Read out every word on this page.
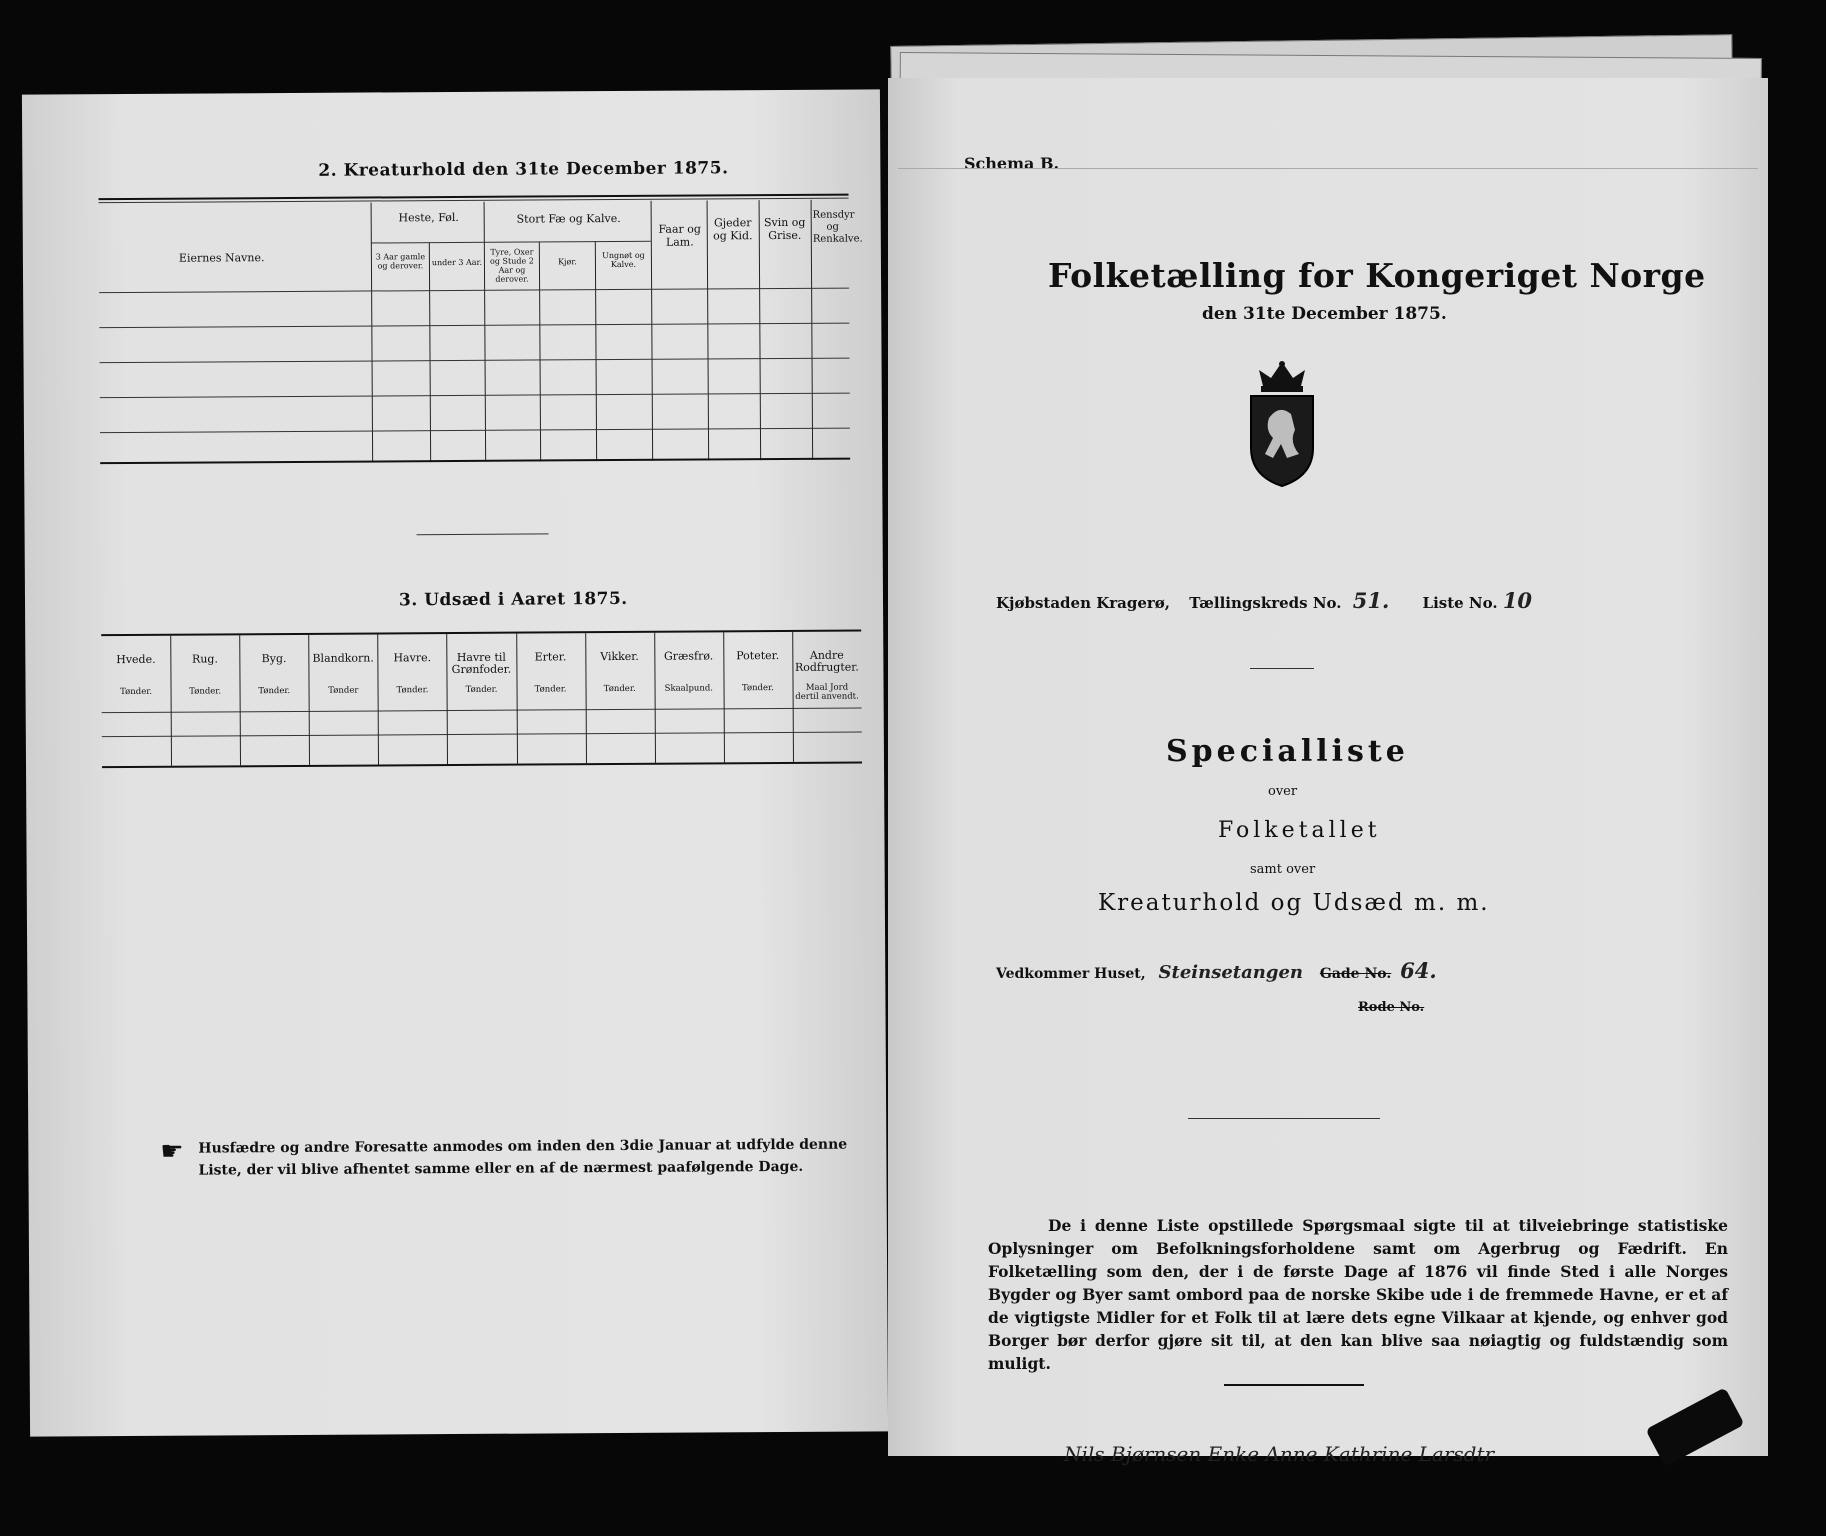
2. Kreaturhold den 31te December 1875.
Eiernes Navne.
Heste, Føl.
3 Aar gamle og derover.	under 3 Aar.
Stort Fæ og Kalve.
Tyre, Oxer og Stude 2 Aar og derover.
Kjør.
Ungnøt og Kalve.
Faar og Lam.
Gjeder og Kid.
Svin og Grise.
Rensdyr og Renkalve.
3. Udsæd i Aaret 1875.
Hvede.
Tønder.
Rug.
Tønder.
Byg.
Tønder.
Blandkorn.
Tønder
Havre.
Tønder.
Havre til Grønfoder.
Tønder.
Erter.
Tønder.
Vikker.
Tønder.
Græsfrø.
Skaalpund.
Poteter.
Tønder.
Andre Rodfrugter.
Maal Jord dertil anvendt.
☛ Husfædre og andre Foresatte anmodes om inden den 3die Januar at udfylde denne Liste, der vil blive afhentet samme eller en af de nærmest paafølgende Dage.
Schema B.
Folketælling for Kongeriget Norge
den 31te December 1875.
Kjøbstaden Kragerø, Tællingskreds No. 51. Liste No. 10
Specialliste
over
Folketallet
samt over
Kreaturhold og Udsæd m. m.
Vedkommer Huset, Steinsetangen Gade No. 64.
Rode No.
De i denne Liste opstillede Spørgsmaal sigte til at tilveiebringe statistiske Oplysninger om Befolkningsforholdene samt om Agerbrug og Fædrift. En Folketælling som den, der i de første Dage af 1876 vil finde Sted i alle Norges Bygder og Byer samt ombord paa de norske Skibe ude i de fremmede Havne, er et af de vigtigste Midler for et Folk til at lære dets egne Vilkaar at kjende, og enhver god Borger bør derfor gjøre sit til, at den kan blive saa nøiagtig og fuldstændig som muligt.
Nils Bjørnsen Enke Anne Kathrine Larsdtr
